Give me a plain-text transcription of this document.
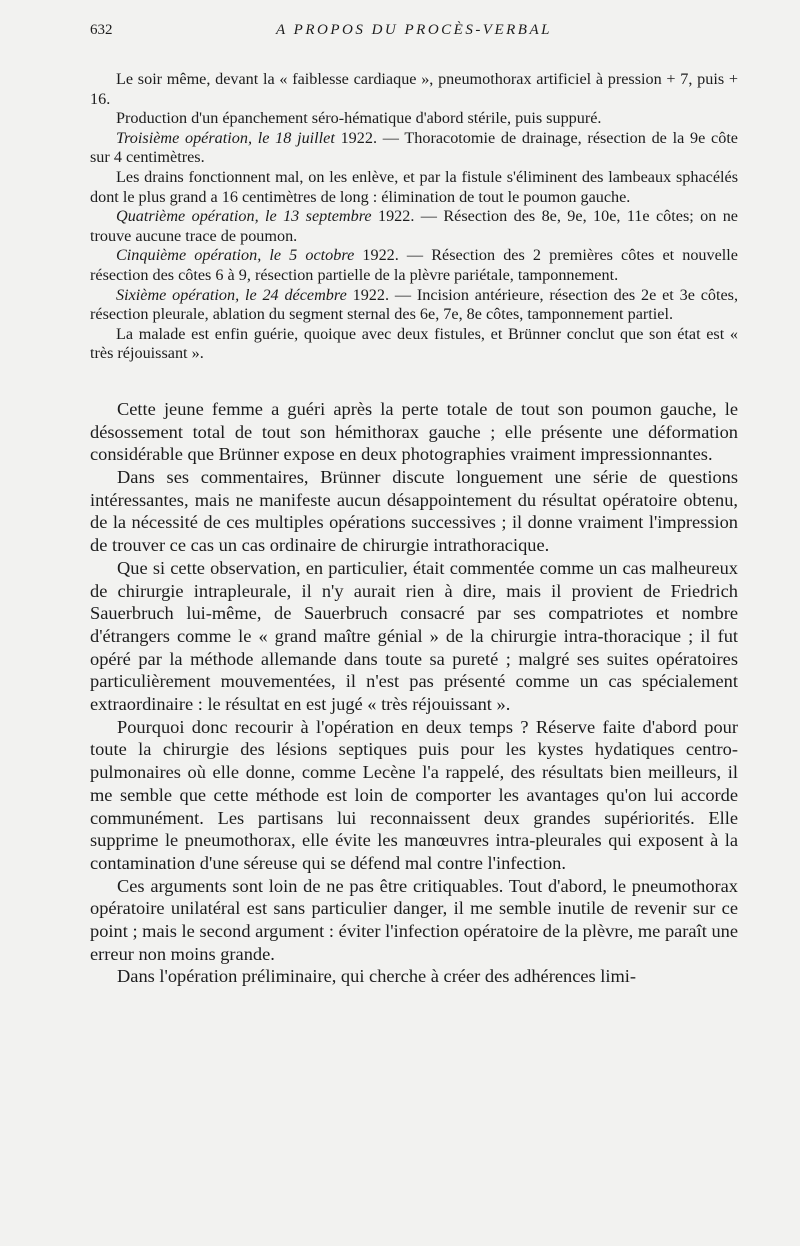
632	A PROPOS DU PROCÈS-VERBAL

Le soir même, devant la « faiblesse cardiaque », pneumothorax artificiel à pression + 7, puis + 16.

Production d'un épanchement séro-hématique d'abord stérile, puis suppuré.

Troisième opération, le 18 juillet 1922. — Thoracotomie de drainage, résection de la 9e côte sur 4 centimètres.

Les drains fonctionnent mal, on les enlève, et par la fistule s'éliminent des lambeaux sphacélés dont le plus grand a 16 centimètres de long : élimination de tout le poumon gauche.

Quatrième opération, le 13 septembre 1922. — Résection des 8e, 9e, 10e, 11e côtes; on ne trouve aucune trace de poumon.

Cinquième opération, le 5 octobre 1922. — Résection des 2 premières côtes et nouvelle résection des côtes 6 à 9, résection partielle de la plèvre pariétale, tamponnement.

Sixième opération, le 24 décembre 1922. — Incision antérieure, résection des 2e et 3e côtes, résection pleurale, ablation du segment sternal des 6e, 7e, 8e côtes, tamponnement partiel.

La malade est enfin guérie, quoique avec deux fistules, et Brünner conclut que son état est « très réjouissant ».

Cette jeune femme a guéri après la perte totale de tout son poumon gauche, le désossement total de tout son hémithorax gauche ; elle présente une déformation considérable que Brünner expose en deux photographies vraiment impressionnantes.

Dans ses commentaires, Brünner discute longuement une série de questions intéressantes, mais ne manifeste aucun désappointement du résultat opératoire obtenu, de la nécessité de ces multiples opérations successives ; il donne vraiment l'impression de trouver ce cas un cas ordinaire de chirurgie intrathoracique.

Que si cette observation, en particulier, était commentée comme un cas malheureux de chirurgie intrapleurale, il n'y aurait rien à dire, mais il provient de Friedrich Sauerbruch lui-même, de Sauerbruch consacré par ses compatriotes et nombre d'étrangers comme le « grand maître génial » de la chirurgie intra-thoracique ; il fut opéré par la méthode allemande dans toute sa pureté ; malgré ses suites opératoires particulièrement mouvementées, il n'est pas présenté comme un cas spécialement extraordinaire : le résultat en est jugé « très réjouissant ».

Pourquoi donc recourir à l'opération en deux temps ? Réserve faite d'abord pour toute la chirurgie des lésions septiques puis pour les kystes hydatiques centro-pulmonaires où elle donne, comme Lecène l'a rappelé, des résultats bien meilleurs, il me semble que cette méthode est loin de comporter les avantages qu'on lui accorde communément. Les partisans lui reconnaissent deux grandes supériorités. Elle supprime le pneumothorax, elle évite les manœuvres intra-pleurales qui exposent à la contamination d'une séreuse qui se défend mal contre l'infection.

Ces arguments sont loin de ne pas être critiquables. Tout d'abord, le pneumothorax opératoire unilatéral est sans particulier danger, il me semble inutile de revenir sur ce point ; mais le second argument : éviter l'infection opératoire de la plèvre, me paraît une erreur non moins grande.

Dans l'opération préliminaire, qui cherche à créer des adhérences limi-
